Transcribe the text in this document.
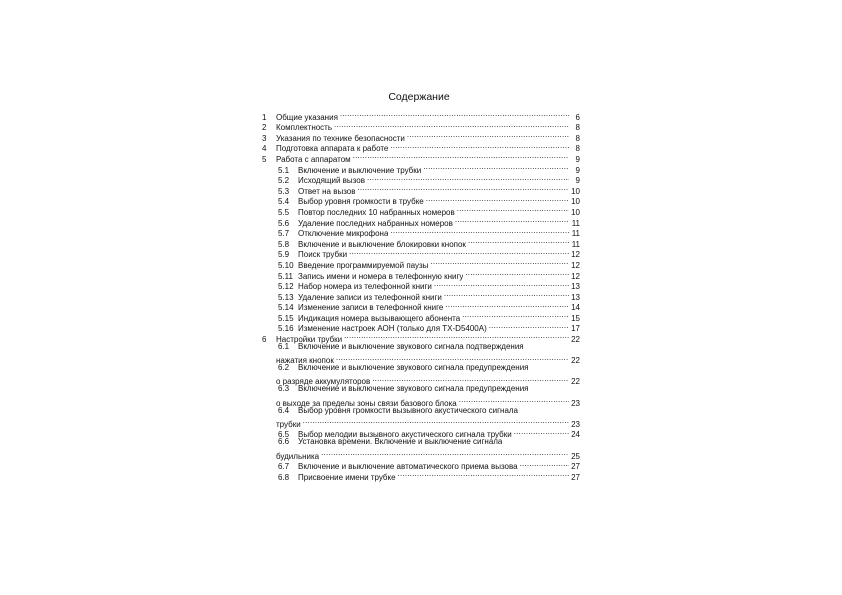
Содержание
1	Общие указания .....	6
2	Комплектность .....	8
3	Указания по технике безопасности .....	8
4	Подготовка аппарата к работе .....	8
5	Работа с аппаратом .....	9
5.1	Включение и выключение трубки .....	9
5.2	Исходящий вызов .....	9
5.3	Ответ на вызов .....	10
5.4	Выбор уровня громкости в трубке .....	10
5.5	Повтор последних 10 набранных номеров .....	10
5.6	Удаление последних набранных номеров .....	11
5.7	Отключение микрофона .....	11
5.8	Включение и выключение блокировки кнопок .....	11
5.9	Поиск трубки .....	12
5.10 Введение программируемой паузы .....	12
5.11 Запись имени и номера в телефонную книгу .....	12
5.12 Набор номера из телефонной книги .....	13
5.13 Удаление записи из телефонной книги .....	13
5.14 Изменение записи в телефонной книге .....	14
5.15 Индикация номера вызывающего абонента .....	15
5.16 Изменение настроек АОН (только для TX-D5400A) .....	17
6	Настройки трубки .....	22
6.1	Включение и выключение звукового сигнала подтверждения
нажатия кнопок .....	22
6.2	Включение и выключение звукового сигнала предупреждения
о разряде аккумуляторов .....	22
6.3	Включение и выключение звукового сигнала предупреждения
о выходе за пределы зоны связи базового блока .....	23
6.4	Выбор уровня громкости вызывного акустического сигнала
трубки .....	23
6.5	Выбор мелодии вызывного акустического сигнала трубки .....	24
6.6	Установка времени. Включение и выключение сигнала
будильника .....	25
6.7	Включение и выключение автоматического приема вызова .....	27
6.8	Присвоение имени трубке .....	27
